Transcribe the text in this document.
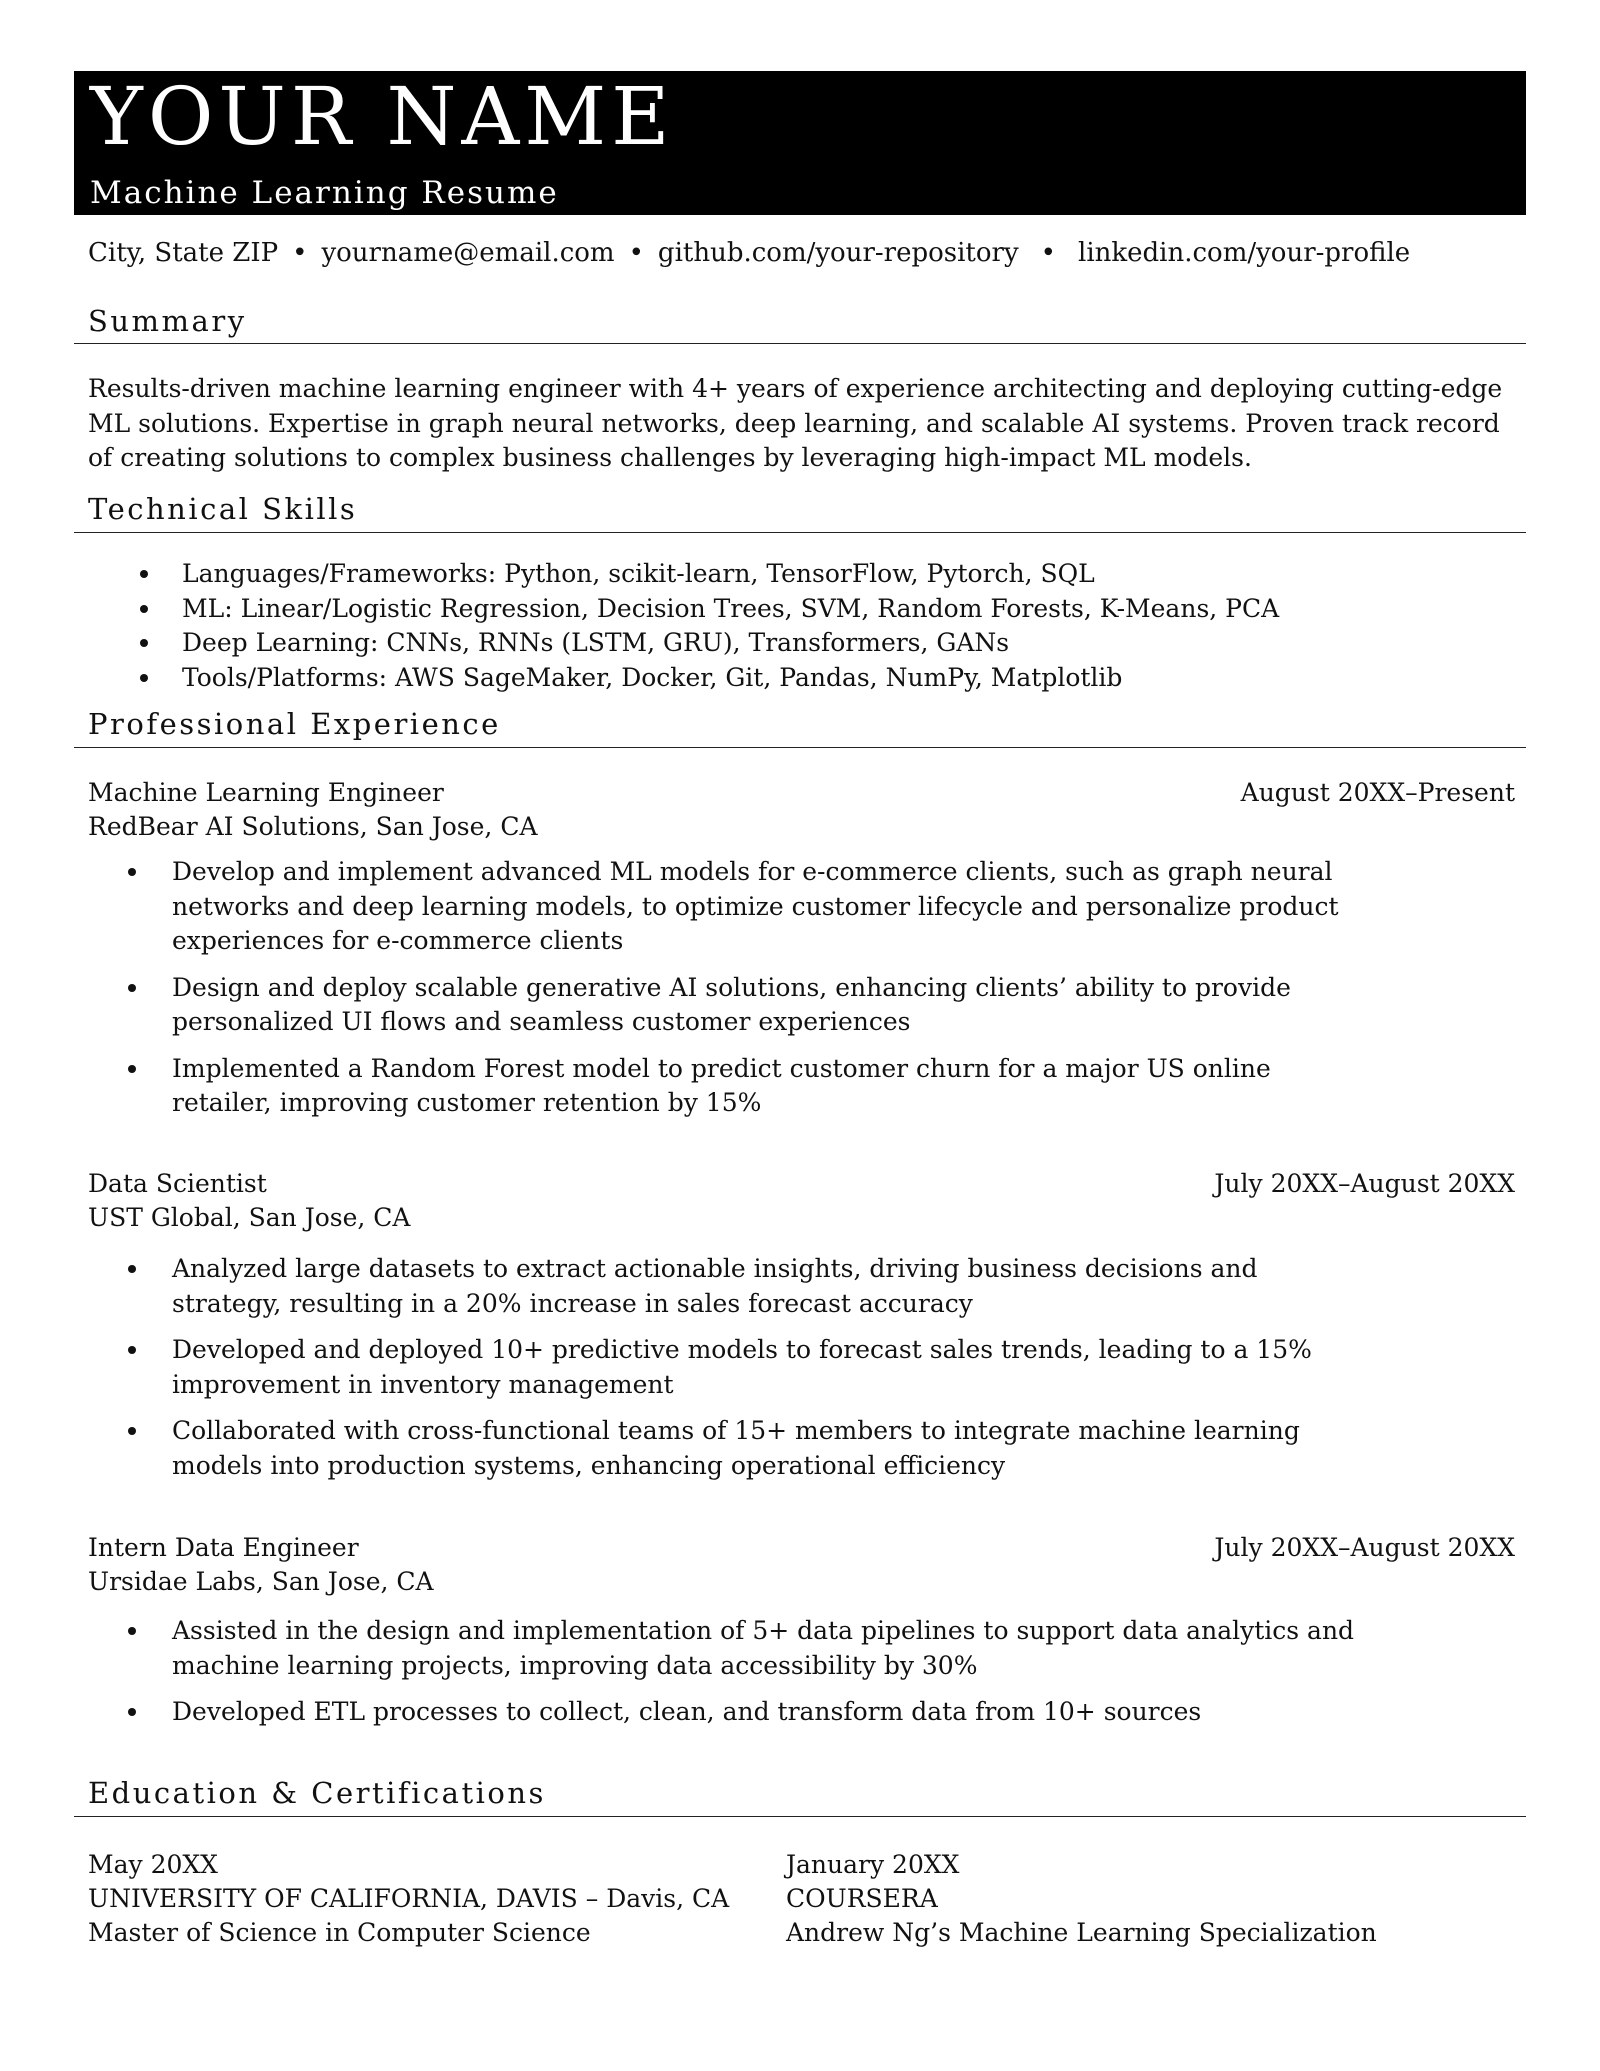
YOUR NAME
Machine Learning Resume
City, State ZIP • yourname@email.com • github.com/your-repository • linkedin.com/your-profile
Summary
Results-driven machine learning engineer with 4+ years of experience architecting and deploying cutting-edge ML solutions. Expertise in graph neural networks, deep learning, and scalable AI systems. Proven track record of creating solutions to complex business challenges by leveraging high-impact ML models.
Technical Skills
Languages/Frameworks: Python, scikit-learn, TensorFlow, Pytorch, SQL
ML: Linear/Logistic Regression, Decision Trees, SVM, Random Forests, K-Means, PCA
Deep Learning: CNNs, RNNs (LSTM, GRU), Transformers, GANs
Tools/Platforms: AWS SageMaker, Docker, Git, Pandas, NumPy, Matplotlib
Professional Experience
Machine Learning Engineer	August 20XX–Present
RedBear AI Solutions, San Jose, CA
Develop and implement advanced ML models for e-commerce clients, such as graph neural networks and deep learning models, to optimize customer lifecycle and personalize product experiences for e-commerce clients
Design and deploy scalable generative AI solutions, enhancing clients’ ability to provide personalized UI flows and seamless customer experiences
Implemented a Random Forest model to predict customer churn for a major US online retailer, improving customer retention by 15%
Data Scientist	July 20XX–August 20XX
UST Global, San Jose, CA
Analyzed large datasets to extract actionable insights, driving business decisions and strategy, resulting in a 20% increase in sales forecast accuracy
Developed and deployed 10+ predictive models to forecast sales trends, leading to a 15% improvement in inventory management
Collaborated with cross-functional teams of 15+ members to integrate machine learning models into production systems, enhancing operational efficiency
Intern Data Engineer	July 20XX–August 20XX
Ursidae Labs, San Jose, CA
Assisted in the design and implementation of 5+ data pipelines to support data analytics and machine learning projects, improving data accessibility by 30%
Developed ETL processes to collect, clean, and transform data from 10+ sources
Education & Certifications
May 20XX
UNIVERSITY OF CALIFORNIA, DAVIS – Davis, CA
Master of Science in Computer Science
January 20XX
COURSERA
Andrew Ng’s Machine Learning Specialization
